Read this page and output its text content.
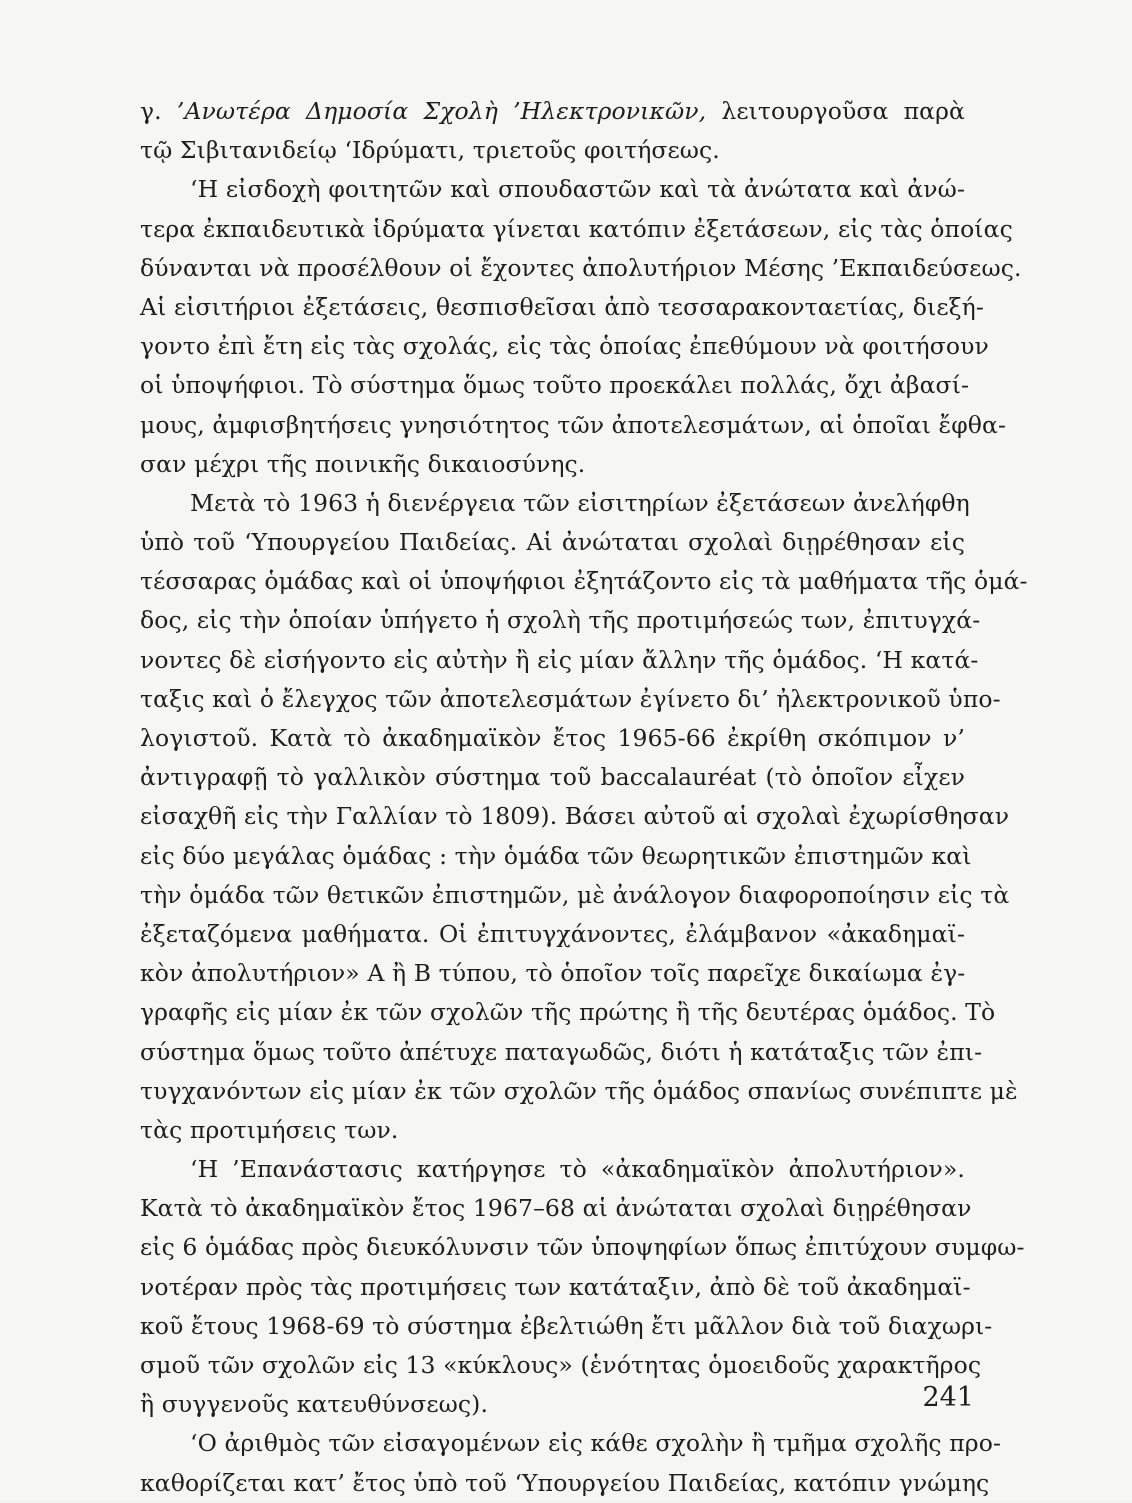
γ. ’Ανωτέρα Δημοσία Σχολὴ ’Ηλεκτρονικῶν, λειτουργοῦσα παρὰ
τῷ Σιβιτανιδείῳ ‘Ιδρύματι, τριετοῦς φοιτήσεως.
‘Η εἰσδοχὴ φοιτητῶν καὶ σπουδαστῶν καὶ τὰ ἀνώτατα καὶ ἀνώ-
τερα ἐκπαιδευτικὰ ἱδρύματα γίνεται κατόπιν ἐξετάσεων, εἰς τὰς ὁποίας
δύνανται νὰ προσέλθουν οἱ ἔχοντες ἀπολυτήριον Μέσης ’Εκπαιδεύσεως.
Αἱ εἰσιτήριοι ἐξετάσεις, θεσπισθεῖσαι ἀπὸ τεσσαρακονταετίας, διεξή-
γοντο ἐπὶ ἔτη εἰς τὰς σχολάς, εἰς τὰς ὁποίας ἐπεθύμουν νὰ φοιτήσουν
οἱ ὑποψήφιοι. Τὸ σύστημα ὅμως τοῦτο προεκάλει πολλάς, ὄχι ἀβασί-
μους, ἀμφισβητήσεις γνησιότητος τῶν ἀποτελεσμάτων, αἱ ὁποῖαι ἔφθα-
σαν μέχρι τῆς ποινικῆς δικαιοσύνης.
Μετὰ τὸ 1963 ἡ διενέργεια τῶν εἰσιτηρίων ἐξετάσεων ἀνελήφθη
ὑπὸ τοῦ ‘Υπουργείου Παιδείας. Αἱ ἀνώταται σχολαὶ διῃρέθησαν εἰς
τέσσαρας ὁμάδας καὶ οἱ ὑποψήφιοι ἐξητάζοντο εἰς τὰ μαθήματα τῆς ὁμά-
δος, εἰς τὴν ὁποίαν ὑπήγετο ἡ σχολὴ τῆς προτιμήσεώς των, ἐπιτυγχά-
νοντες δὲ εἰσήγοντο εἰς αὐτὴν ἢ εἰς μίαν ἄλλην τῆς ὁμάδος. ‘Η κατά-
ταξις καὶ ὁ ἔλεγχος τῶν ἀποτελεσμάτων ἐγίνετο δι’ ἠλεκτρονικοῦ ὑπο-
λογιστοῦ. Κατὰ τὸ ἀκαδημαϊκὸν ἔτος 1965-66 ἐκρίθη σκόπιμον ν’
ἀντιγραφῇ τὸ γαλλικὸν σύστημα τοῦ baccalauréat (τὸ ὁποῖον εἶχεν
εἰσαχθῆ εἰς τὴν Γαλλίαν τὸ 1809). Βάσει αὐτοῦ αἱ σχολαὶ ἐχωρίσθησαν
εἰς δύο μεγάλας ὁμάδας : τὴν ὁμάδα τῶν θεωρητικῶν ἐπιστημῶν καὶ
τὴν ὁμάδα τῶν θετικῶν ἐπιστημῶν, μὲ ἀνάλογον διαφοροποίησιν εἰς τὰ
ἐξεταζόμενα μαθήματα. Οἱ ἐπιτυγχάνοντες, ἐλάμβανον «ἀκαδημαϊ-
κὸν ἀπολυτήριον» Α ἢ Β τύπου, τὸ ὁποῖον τοῖς παρεῖχε δικαίωμα ἐγ-
γραφῆς εἰς μίαν ἐκ τῶν σχολῶν τῆς πρώτης ἢ τῆς δευτέρας ὁμάδος. Τὸ
σύστημα ὅμως τοῦτο ἀπέτυχε παταγωδῶς, διότι ἡ κατάταξις τῶν ἐπι-
τυγχανόντων εἰς μίαν ἐκ τῶν σχολῶν τῆς ὁμάδος σπανίως συνέπιπτε μὲ
τὰς προτιμήσεις των.
‘Η ’Επανάστασις κατήργησε τὸ «ἀκαδημαϊκὸν ἀπολυτήριον».
Κατὰ τὸ ἀκαδημαϊκὸν ἔτος 1967–68 αἱ ἀνώταται σχολαὶ διῃρέθησαν
εἰς 6 ὁμάδας πρὸς διευκόλυνσιν τῶν ὑποψηφίων ὅπως ἐπιτύχουν συμφω-
νοτέραν πρὸς τὰς προτιμήσεις των κατάταξιν, ἀπὸ δὲ τοῦ ἀκαδημαϊ-
κοῦ ἔτους 1968-69 τὸ σύστημα ἐβελτιώθη ἔτι μᾶλλον διὰ τοῦ διαχωρι-
σμοῦ τῶν σχολῶν εἰς 13 «κύκλους» (ἑνότητας ὁμοειδοῦς χαρακτῆρος
ἢ συγγενοῦς κατευθύνσεως).
‘Ο ἀριθμὸς τῶν εἰσαγομένων εἰς κάθε σχολὴν ἢ τμῆμα σχολῆς προ-
καθορίζεται κατ’ ἔτος ὑπὸ τοῦ ‘Υπουργείου Παιδείας, κατόπιν γνώμης
241
